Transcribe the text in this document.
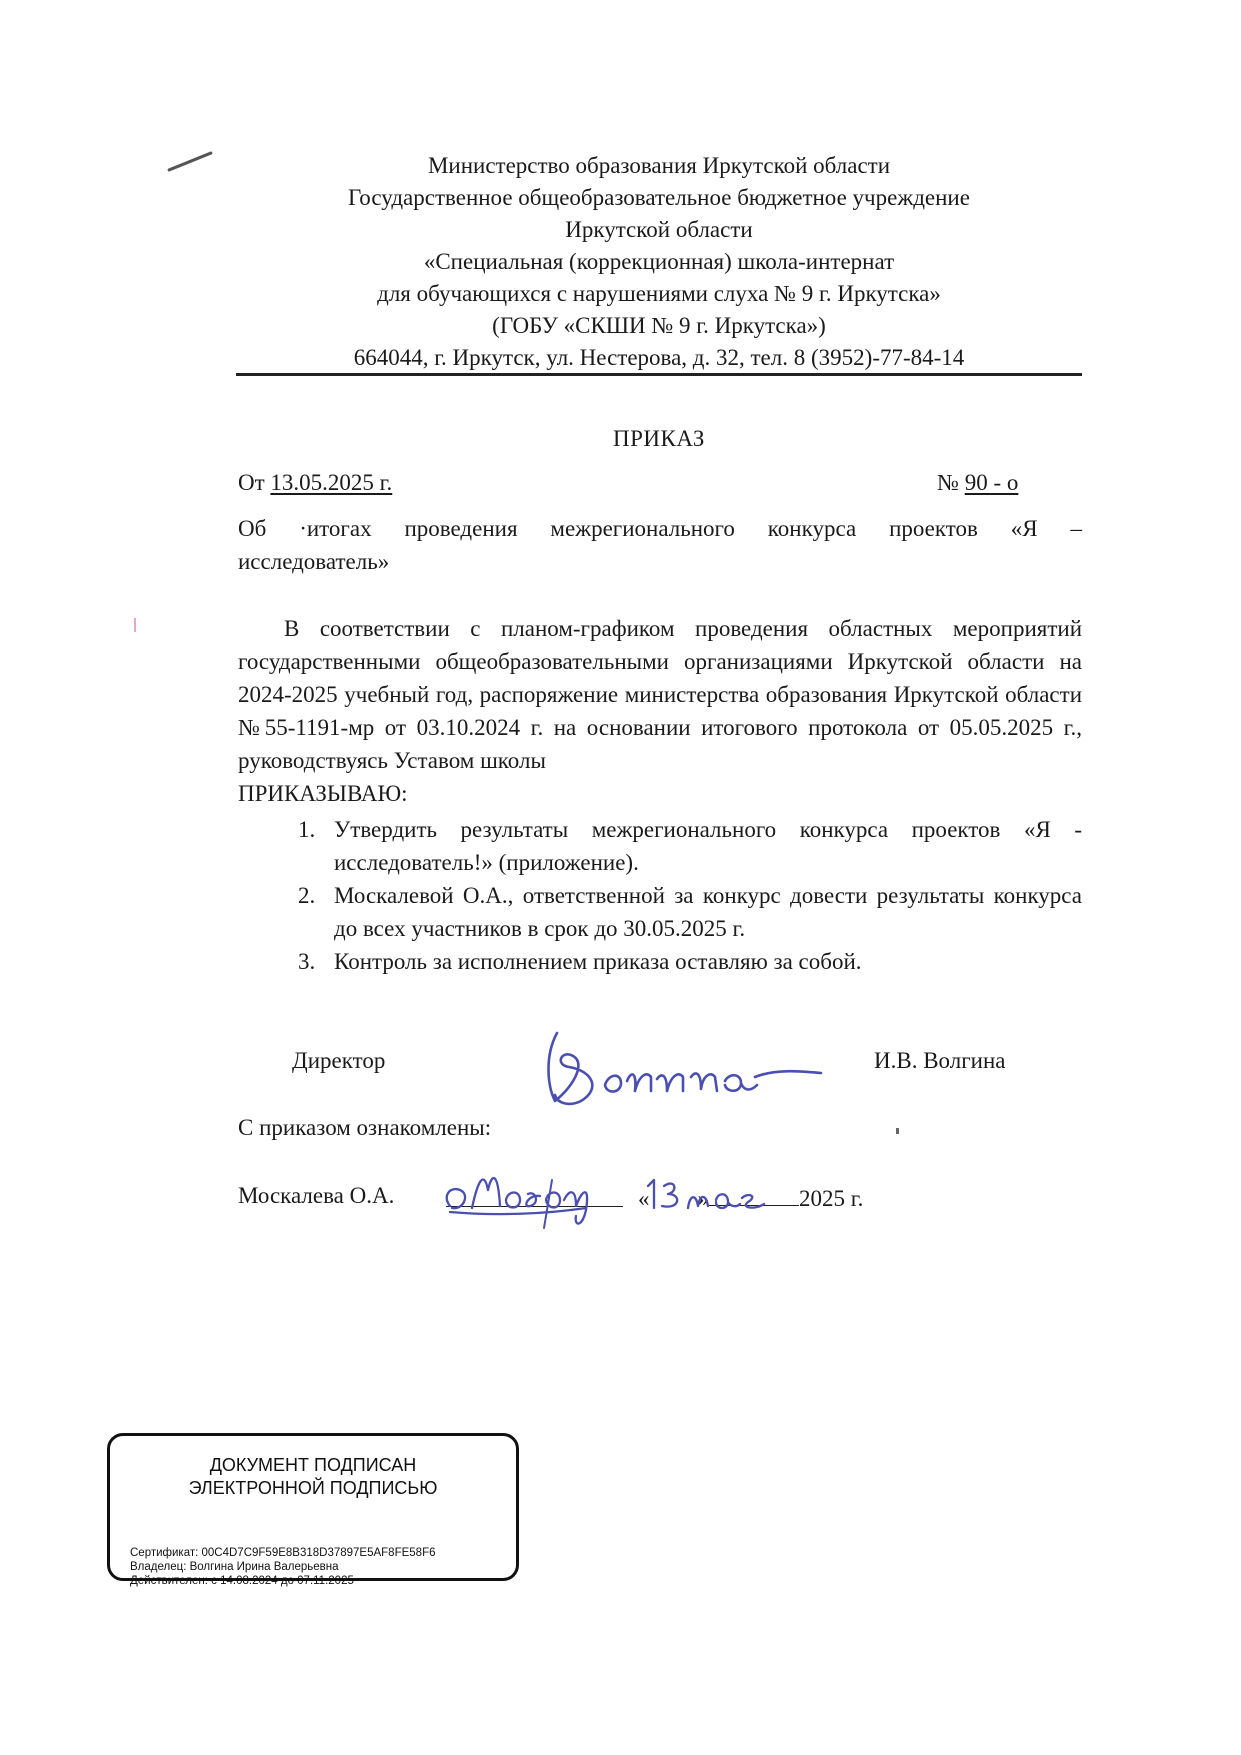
Министерство образования Иркутской области
Государственное общеобразовательное бюджетное учреждение
Иркутской области
«Специальная (коррекционная) школа-интернат
для обучающихся с нарушениями слуха № 9 г. Иркутска»
(ГОБУ «СКШИ № 9 г. Иркутска»)
664044, г. Иркутск, ул. Нестерова, д. 32, тел. 8 (3952)-77-84-14
ПРИКАЗ
От 13.05.2025 г.	№ 90 - о
Об ·итогах проведения межрегионального конкурса проектов «Я –
исследователь»
В соответствии с планом-графиком проведения областных мероприятий государственными общеобразовательными организациями Иркутской области на 2024-2025 учебный год, распоряжение министерства образования Иркутской области №55-1191-мр от 03.10.2024 г. на основании итогового протокола от 05.05.2025 г., руководствуясь Уставом школы
ПРИКАЗЫВАЮ:
1. Утвердить результаты межрегионального конкурса проектов «Я - исследователь!» (приложение).
2. Москалевой О.А., ответственной за конкурс довести результаты конкурса до всех участников в срок до 30.05.2025 г.
3. Контроль за исполнением приказа оставляю за собой.
Директор	И.В. Волгина
С приказом ознакомлены:
Москалева О.А.	« »	2025 г.
ДОКУМЕНТ ПОДПИСАН
ЭЛЕКТРОННОЙ ПОДПИСЬЮ
Сертификат: 00C4D7C9F59E8B318D37897E5AF8FE58F6
Владелец: Волгина Ирина Валерьевна
Действителен: с 14.08.2024 до 07.11.2025
